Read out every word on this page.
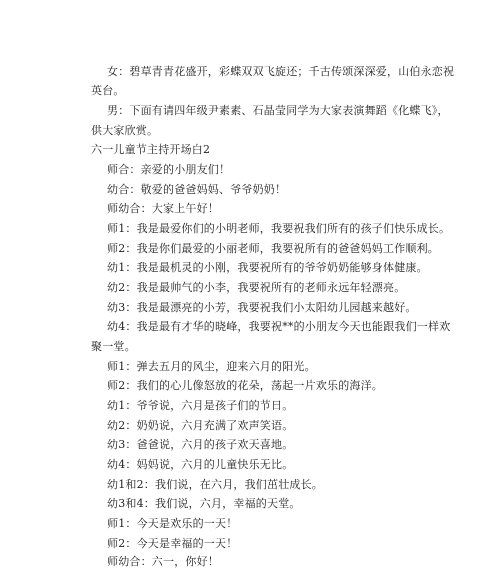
女：碧草青青花盛开，彩蝶双双飞旋还；千古传颂深深爱，山伯永恋祝
英台。
男：下面有请四年级尹素素、石晶莹同学为大家表演舞蹈《化蝶飞》，
供大家欣赏。
六一儿童节主持开场白2
师合：亲爱的小朋友们！
幼合：敬爱的爸爸妈妈、爷爷奶奶！
师幼合：大家上午好！
师1：我是最爱你们的小明老师，我要祝我们所有的孩子们快乐成长。
师2：我是你们最爱的小丽老师，我要祝所有的爸爸妈妈工作顺利。
幼1：我是最机灵的小刚，我要祝所有的爷爷奶奶能够身体健康。
幼2：我是最帅气的小李，我要祝所有的老师永远年轻漂亮。
幼3：我是最漂亮的小芳，我要祝我们小太阳幼儿园越来越好。
幼4：我是最有才华的晓峰，我要祝**的小朋友今天也能跟我们一样欢
聚一堂。
师1：弹去五月的风尘，迎来六月的阳光。
师2：我们的心儿像怒放的花朵，荡起一片欢乐的海洋。
幼1：爷爷说，六月是孩子们的节日。
幼2：奶奶说，六月充满了欢声笑语。
幼3：爸爸说，六月的孩子欢天喜地。
幼4：妈妈说，六月的儿童快乐无比。
幼1和2：我们说，在六月，我们茁壮成长。
幼3和4：我们说，六月，幸福的天堂。
师1：今天是欢乐的一天！
师2：今天是幸福的一天！
师幼合：六一，你好！
